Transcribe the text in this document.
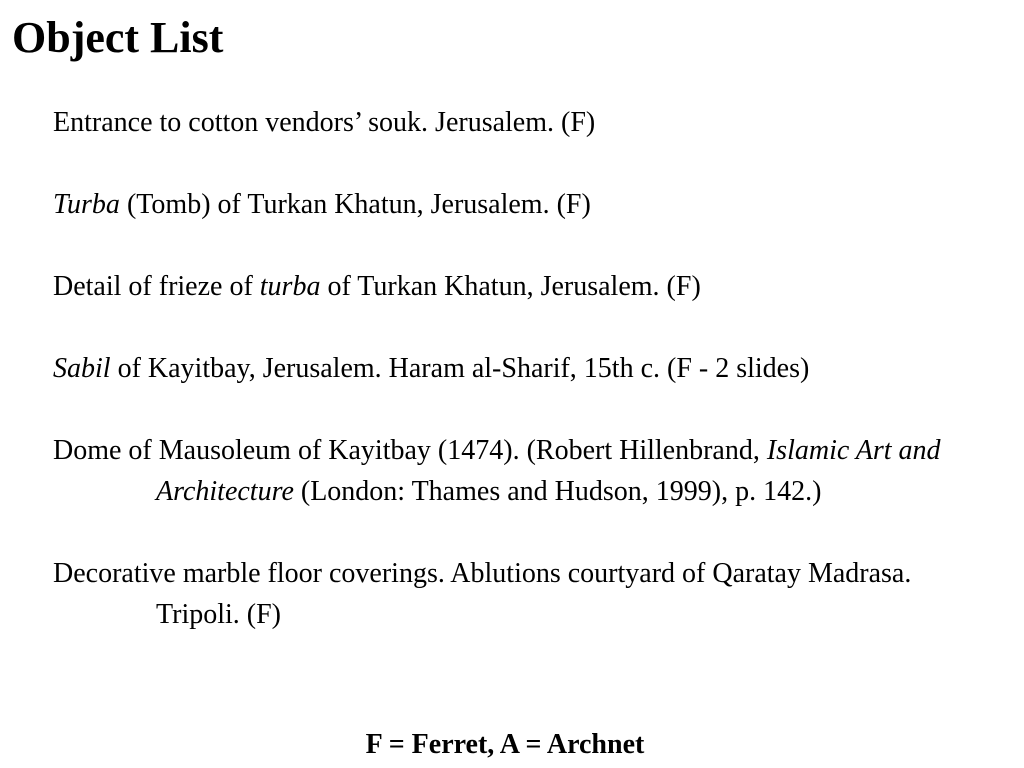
Object List
Entrance to cotton vendors’ souk. Jerusalem. (F)
Turba (Tomb) of Turkan Khatun, Jerusalem. (F)
Detail of frieze of turba of Turkan Khatun, Jerusalem. (F)
Sabil of Kayitbay, Jerusalem. Haram al-Sharif, 15th c. (F - 2 slides)
Dome of Mausoleum of Kayitbay (1474). (Robert Hillenbrand, Islamic Art and Architecture (London: Thames and Hudson, 1999), p. 142.)
Decorative marble floor coverings. Ablutions courtyard of Qaratay Madrasa. Tripoli. (F)

F = Ferret, A = Archnet
